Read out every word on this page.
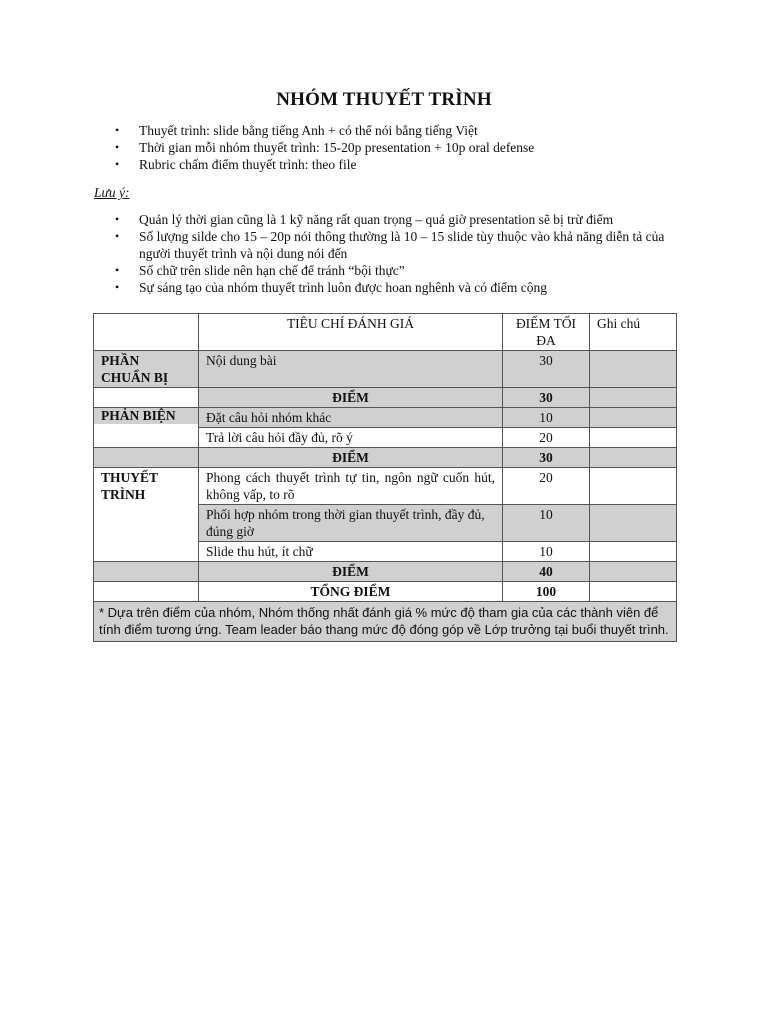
NHÓM THUYẾT TRÌNH
• Thuyết trình: slide bằng tiếng Anh + có thể nói bằng tiếng Việt
• Thời gian mỗi nhóm thuyết trình: 15-20p presentation + 10p oral defense
• Rubric chấm điểm thuyết trình: theo file
Lưu ý:
• Quản lý thời gian cũng là 1 kỹ năng rất quan trọng – quá giờ presentation sẽ bị trừ điểm
• Số lượng silde cho 15 – 20p nói thông thường là 10 – 15 slide tùy thuộc vào khả năng diễn tả của người thuyết trình và nội dung nói đến
• Số chữ trên slide nên hạn chế để tránh “bội thực”
• Sự sáng tạo của nhóm thuyết trình luôn được hoan nghênh và có điểm cộng
	TIÊU CHÍ ĐÁNH GIÁ	ĐIỂM TỐI ĐA	Ghi chú
PHẦN CHUẨN BỊ	Nội dung bài	30	
	ĐIỂM	30	

PHẢN BIỆN	Đặt câu hỏi nhóm khác	10	
	Trả lời câu hỏi đầy đủ, rõ ý	20	
	ĐIỂM	30	
THUYẾT TRÌNH	Phong cách thuyết trình tự tin, ngôn ngữ cuốn hút, không vấp, to rõ	20	
	Phối hợp nhóm trong thời gian thuyết trình, đầy đủ, đúng giờ	10	
	Slide thu hút, ít chữ	10	
	ĐIỂM	40	
	TỔNG ĐIỂM	100	
* Dựa trên điểm của nhóm, Nhóm thống nhất đánh giá % mức độ tham gia của các thành viên để tính điểm tương ứng. Team leader báo thang mức độ đóng góp về Lớp trưởng tại buổi thuyết trình.			
